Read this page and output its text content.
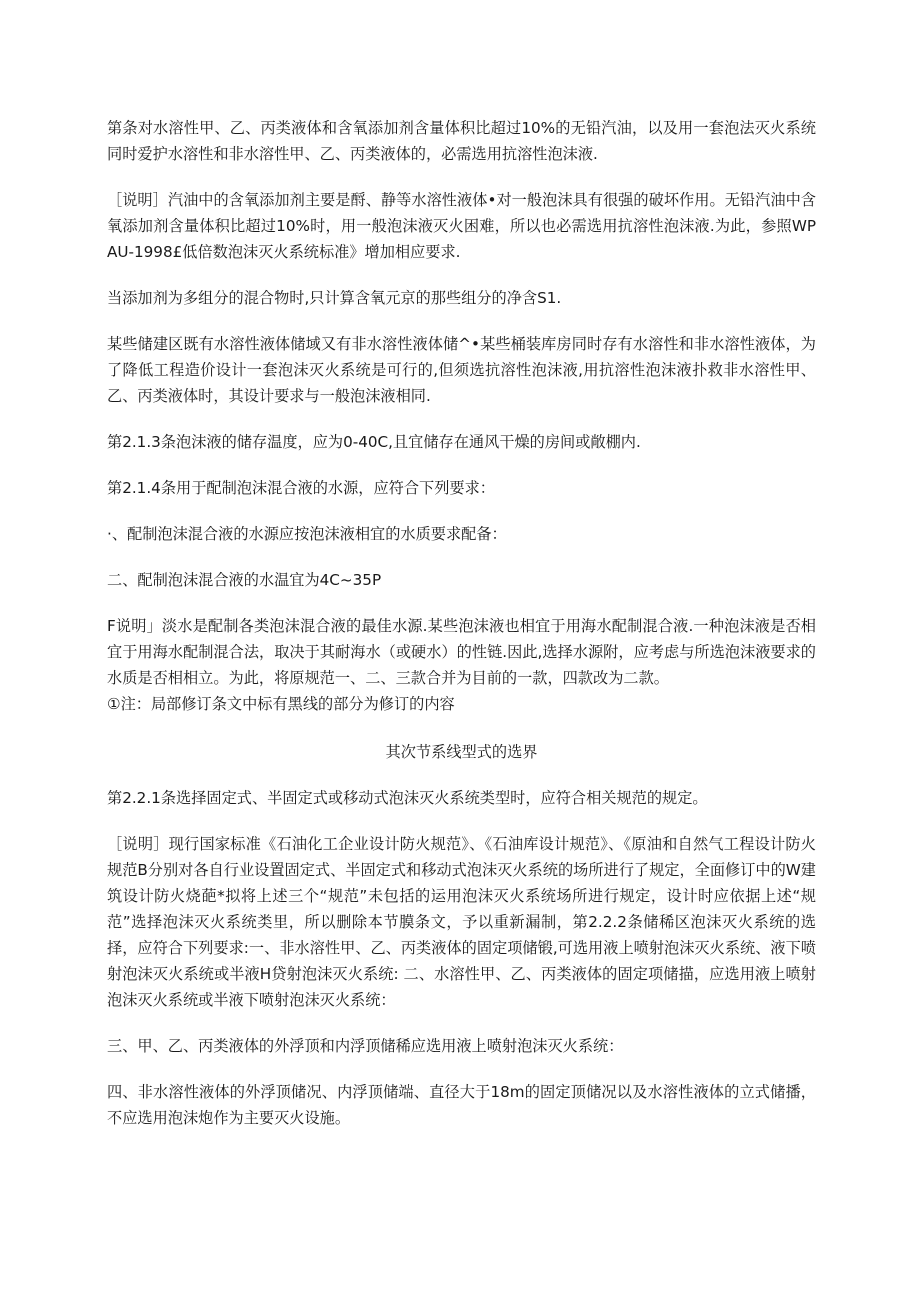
第条对水溶性甲、乙、丙类液体和含氧添加剂含量体积比超过10%的无铅汽油，以及用一套泡法灭火系统同时爱护水溶性和非水溶性甲、乙、丙类液体的，必需选用抗溶性泡沫液.

［说明］汽油中的含氧添加剂主要是酹、静等水溶性液体•对一般泡沫具有很强的破坏作用。无铅汽油中含氧添加剂含量体积比超过10%时，用一般泡沫液灭火困难，所以也必需选用抗溶性泡沫液.为此，参照WPAU-1998£低倍数泡沫灭火系统标准》增加相应要求.

当添加剂为多组分的混合物时,只计算含氧元京的那些组分的净含S1.

某些储建区既有水溶性液体储域又有非水溶性液体储^•某些桶装库房同时存有水溶性和非水溶性液体，为了降低工程造价设计一套泡沫灭火系统是可行的,但须选抗溶性泡沫液,用抗溶性泡沫液扑救非水溶性甲、乙、丙类液体时，其设计要求与一般泡沫液相同.

第2.1.3条泡沫液的储存温度，应为0-40C,且宜储存在通风干燥的房间或敞棚内.

第2.1.4条用于配制泡沫混合液的水源，应符合下列要求：

·、配制泡沫混合液的水源应按泡沫液相宜的水质要求配备：

二、配制泡沫混合液的水温宜为4C~35P

F说明」淡水是配制各类泡沫混合液的最佳水源.某些泡沫液也相宜于用海水配制混合液.一种泡沫液是否相宜于用海水配制混合法，取决于其耐海水（或硬水）的性链.因此,选择水源附，应考虑与所选泡沫液要求的水质是否相相立。为此，将原规范一、二、三款合并为目前的一款，四款改为二款。

①注：局部修订条文中标有黑线的部分为修订的内容

其次节系线型式的选界

第2.2.1条选择固定式、半固定式或移动式泡沫灭火系统类型时，应符合相关规范的规定。

［说明］现行国家标准《石油化工企业设计防火规范》、《石油库设计规范》、《原油和自然气工程设计防火规范B分别对各自行业设置固定式、半固定式和移动式泡沫灭火系统的场所进行了规定，全面修订中的W建筑设计防火烧葩*拟将上述三个“规范”未包括的运用泡沫灭火系统场所进行规定，设计时应依据上述“规范”选择泡沫灭火系统类里，所以删除本节膜条文，予以重新漏制，第2.2.2条储稀区泡沫灭火系统的选择，应符合下列要求:一、非水溶性甲、乙、丙类液体的固定项储锻,可选用液上喷射泡沫灭火系统、液下喷射泡沫灭火系统或半液H贷射泡沫灭火系统: 二、水溶性甲、乙、丙类液体的固定项储描，应选用液上喷射泡沫灭火系统或半液下喷射泡沫灭火系统：

三、甲、乙、丙类液体的外浮顶和内浮顶储稀应选用液上喷射泡沫灭火系统：

四、非水溶性液体的外浮顶储况、内浮顶储端、直径大于18m的固定顶储况以及水溶性液体的立式储播，不应选用泡沫炮作为主要灭火设施。
